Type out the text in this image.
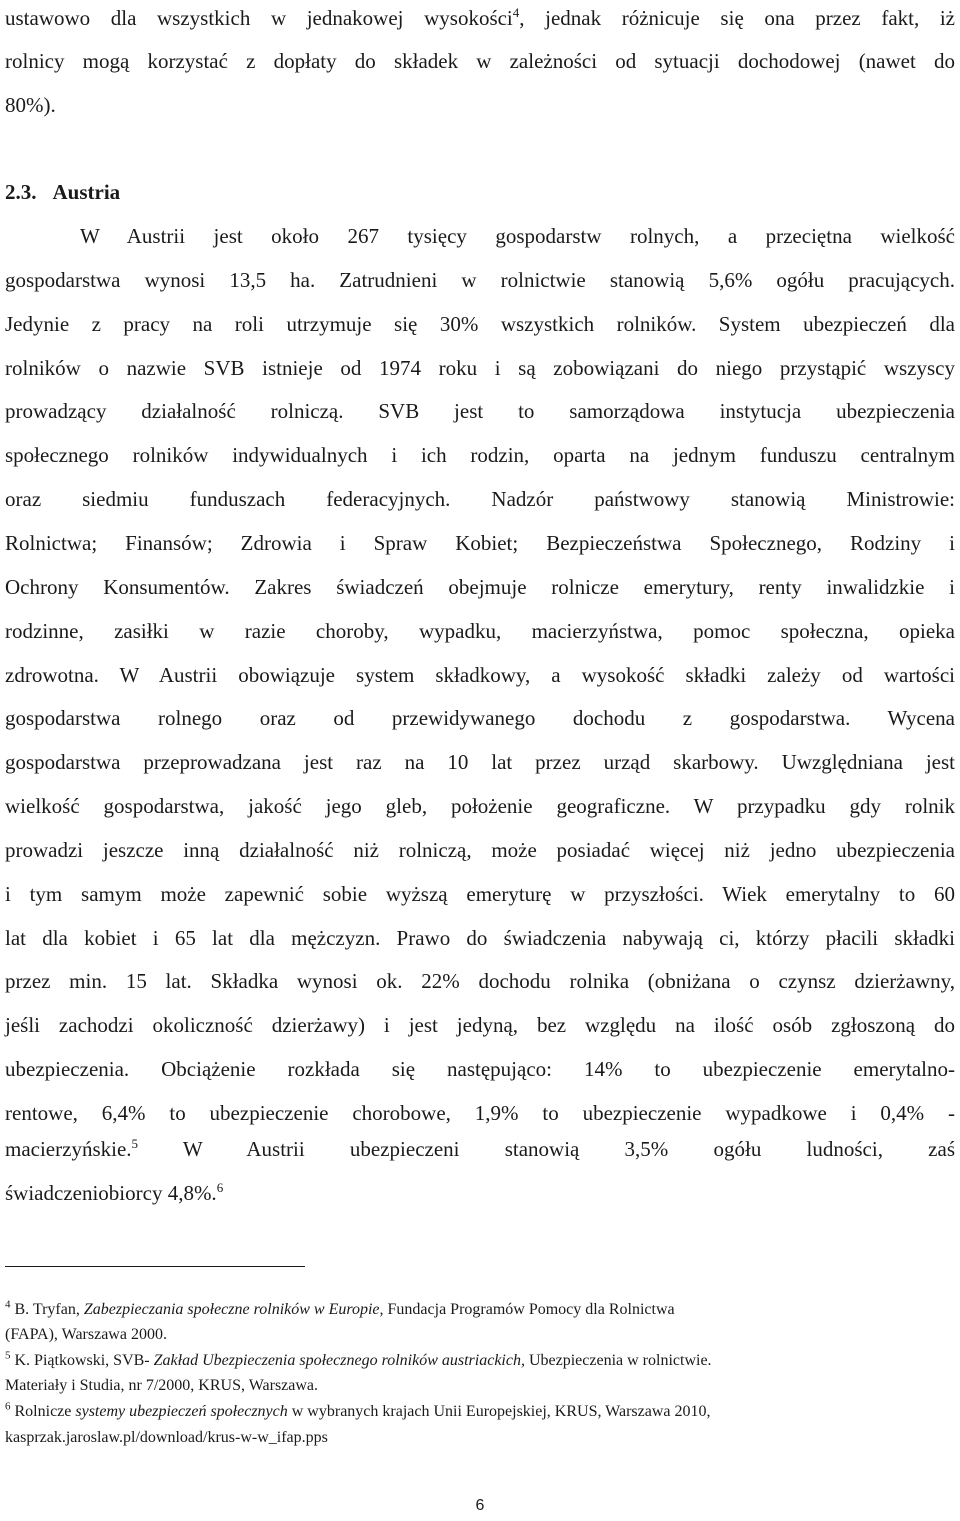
ustawowo dla wszystkich w jednakowej wysokości$^4$, jednak różnicuje się ona przez fakt, iż
rolnicy mogą korzystać z dopłaty do składek w zależności od sytuacji dochodowej (nawet do
80%).
2.3. Austria
W Austrii jest około 267 tysięcy gospodarstw rolnych, a przeciętna wielkość
gospodarstwa wynosi 13,5 ha. Zatrudnieni w rolnictwie stanowią 5,6% ogółu pracujących.
Jedynie z pracy na roli utrzymuje się 30% wszystkich rolników. System ubezpieczeń dla
rolników o nazwie SVB istnieje od 1974 roku i są zobowiązani do niego przystąpić wszyscy
prowadzący działalność rolniczą. SVB jest to samorządowa instytucja ubezpieczenia
społecznego rolników indywidualnych i ich rodzin, oparta na jednym funduszu centralnym
oraz siedmiu funduszach federacyjnych. Nadzór państwowy stanowią Ministrowie:
Rolnictwa; Finansów; Zdrowia i Spraw Kobiet; Bezpieczeństwa Społecznego, Rodziny i
Ochrony Konsumentów. Zakres świadczeń obejmuje rolnicze emerytury, renty inwalidzkie i
rodzinne, zasiłki w razie choroby, wypadku, macierzyństwa, pomoc społeczna, opieka
zdrowotna. W Austrii obowiązuje system składkowy, a wysokość składki zależy od wartości
gospodarstwa rolnego oraz od przewidywanego dochodu z gospodarstwa. Wycena
gospodarstwa przeprowadzana jest raz na 10 lat przez urząd skarbowy. Uwzględniana jest
wielkość gospodarstwa, jakość jego gleb, położenie geograficzne. W przypadku gdy rolnik
prowadzi jeszcze inną działalność niż rolniczą, może posiadać więcej niż jedno ubezpieczenia
i tym samym może zapewnić sobie wyższą emeryturę w przyszłości. Wiek emerytalny to 60
lat dla kobiet i 65 lat dla mężczyzn. Prawo do świadczenia nabywają ci, którzy płacili składki
przez min. 15 lat. Składka wynosi ok. 22% dochodu rolnika (obniżana o czynsz dzierżawny,
jeśli zachodzi okoliczność dzierżawy) i jest jedyną, bez względu na ilość osób zgłoszoną do
ubezpieczenia. Obciążenie rozkłada się następująco: 14% to ubezpieczenie emerytalno-
rentowe, 6,4% to ubezpieczenie chorobowe, 1,9% to ubezpieczenie wypadkowe i 0,4% -
macierzyńskie.$^5$ W Austrii ubezpieczeni stanowią 3,5% ogółu ludności, zaś
świadczeniobiorcy 4,8%.$^6$
$^4$ B. Tryfan, Zabezpieczania społeczne rolników w Europie, Fundacja Programów Pomocy dla Rolnictwa
(FAPA), Warszawa 2000.
$^5$ K. Piątkowski, SVB- Zakład Ubezpieczenia społecznego rolników austriackich, Ubezpieczenia w rolnictwie.
Materiały i Studia, nr 7/2000, KRUS, Warszawa.
$^6$ Rolnicze systemy ubezpieczeń społecznych w wybranych krajach Unii Europejskiej, KRUS, Warszawa 2010,
kasprzak.jaroslaw.pl/download/krus-w-w_ifap.pps
6
